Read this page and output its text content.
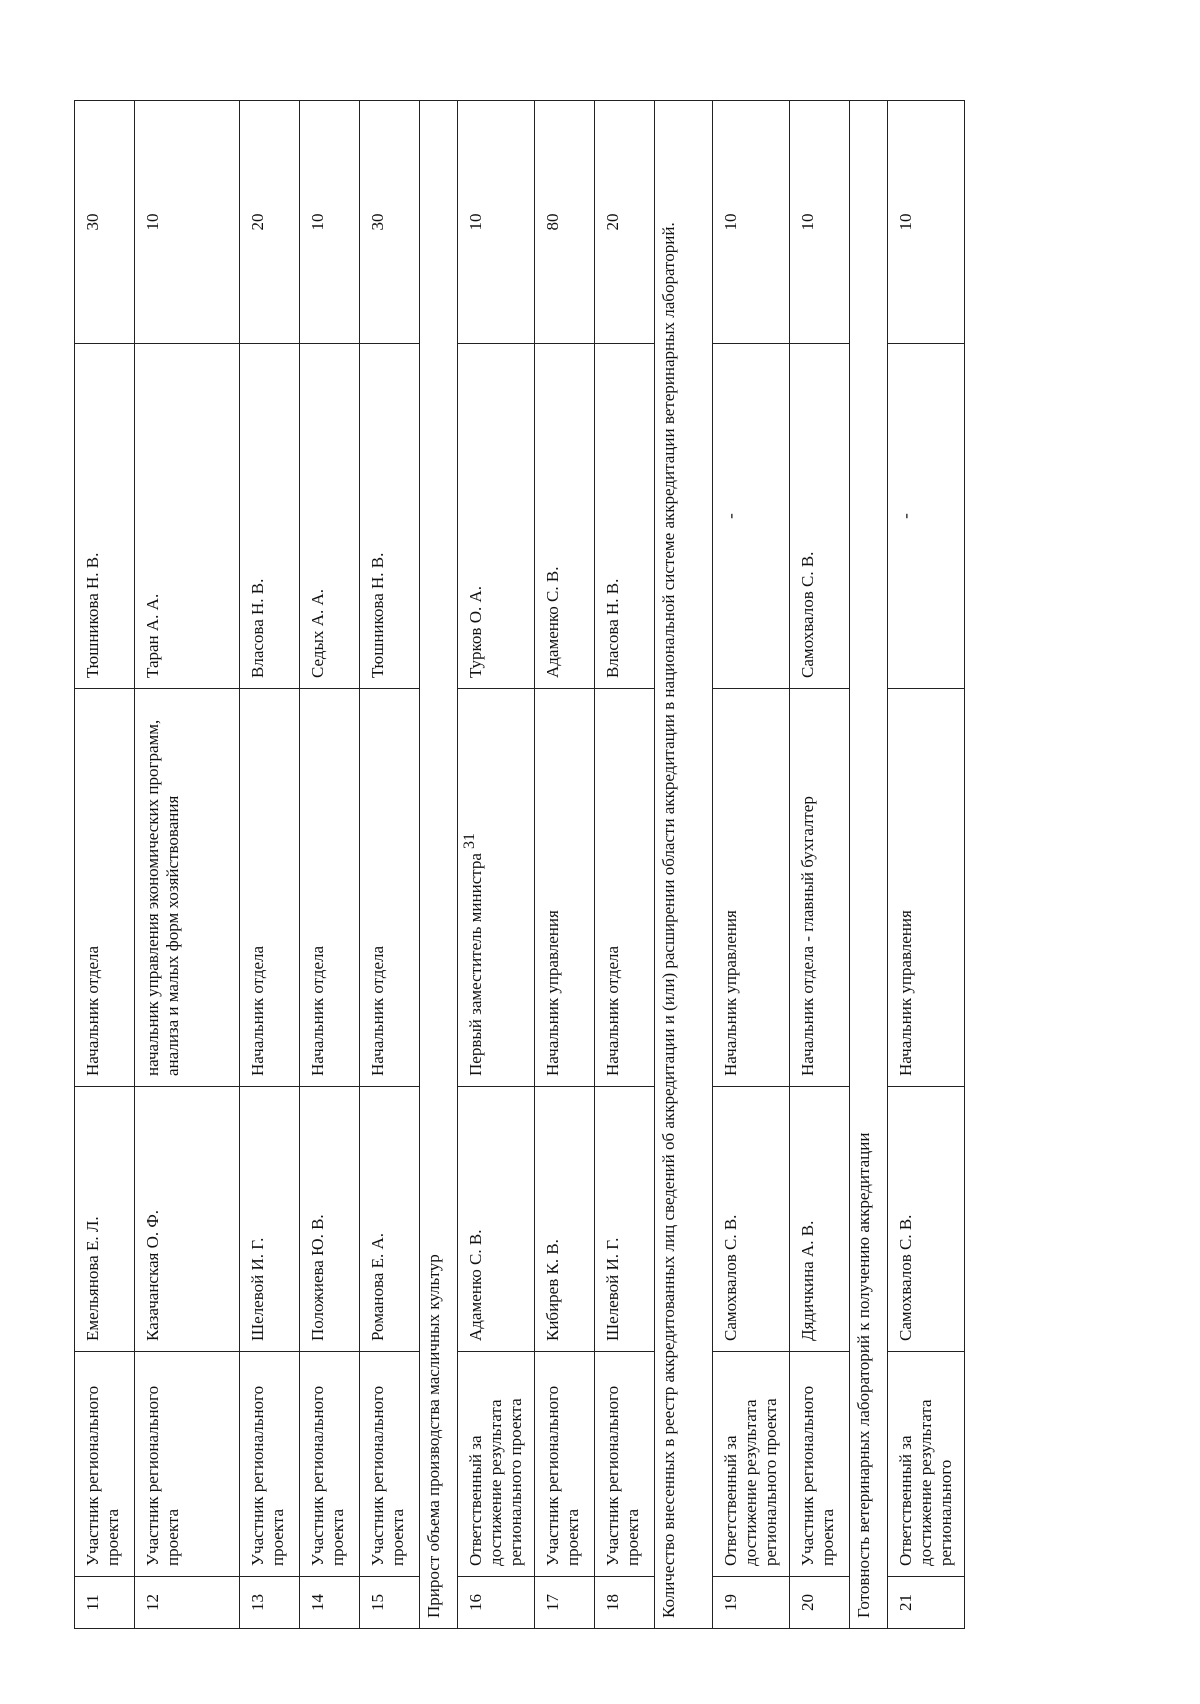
31
11	Участник регионального проекта	Емельянова Е. Л.	Начальник отдела	Тюшникова Н. В.	30
12	Участник регионального проекта	Казачанская О. Ф.	начальник управления экономических программ, анализа и малых форм хозяйствования	Таран А. А.	10
13	Участник регионального проекта	Шелевой И. Г.	Начальник отдела	Власова Н. В.	20
14	Участник регионального проекта	Положиева Ю. В.	Начальник отдела	Седых А. А.	10
15	Участник регионального проекта	Романова Е. А.	Начальник отдела	Тюшникова Н. В.	30
Прирост объема производства масличных культур					
16	Ответственный за достижение результата регионального проекта	Адаменко С. В.	Первый заместитель министра	Турков О. А.	10
17	Участник регионального проекта	Кибирев К. В.	Начальник управления	Адаменко С. В.	80
18	Участник регионального проекта	Шелевой И. Г.	Начальник отдела	Власова Н. В.	20
Количество внесенных в реестр аккредитованных лиц сведений об аккредитации и (или) расширении области аккредитации в национальной системе аккредитации ветеринарных лабораторий.					
19	Ответственный за достижение результата регионального проекта	Самохвалов С. В.	Начальник управления	-	10
20	Участник регионального проекта	Дядичкина А. В.	Начальник отдела - главный бухгалтер	Самохвалов С. В.	10
Готовность ветеринарных лабораторий к получению аккредитации					
21	Ответственный за достижение результата регионального	Самохвалов С. В.	Начальник управления	-	10
